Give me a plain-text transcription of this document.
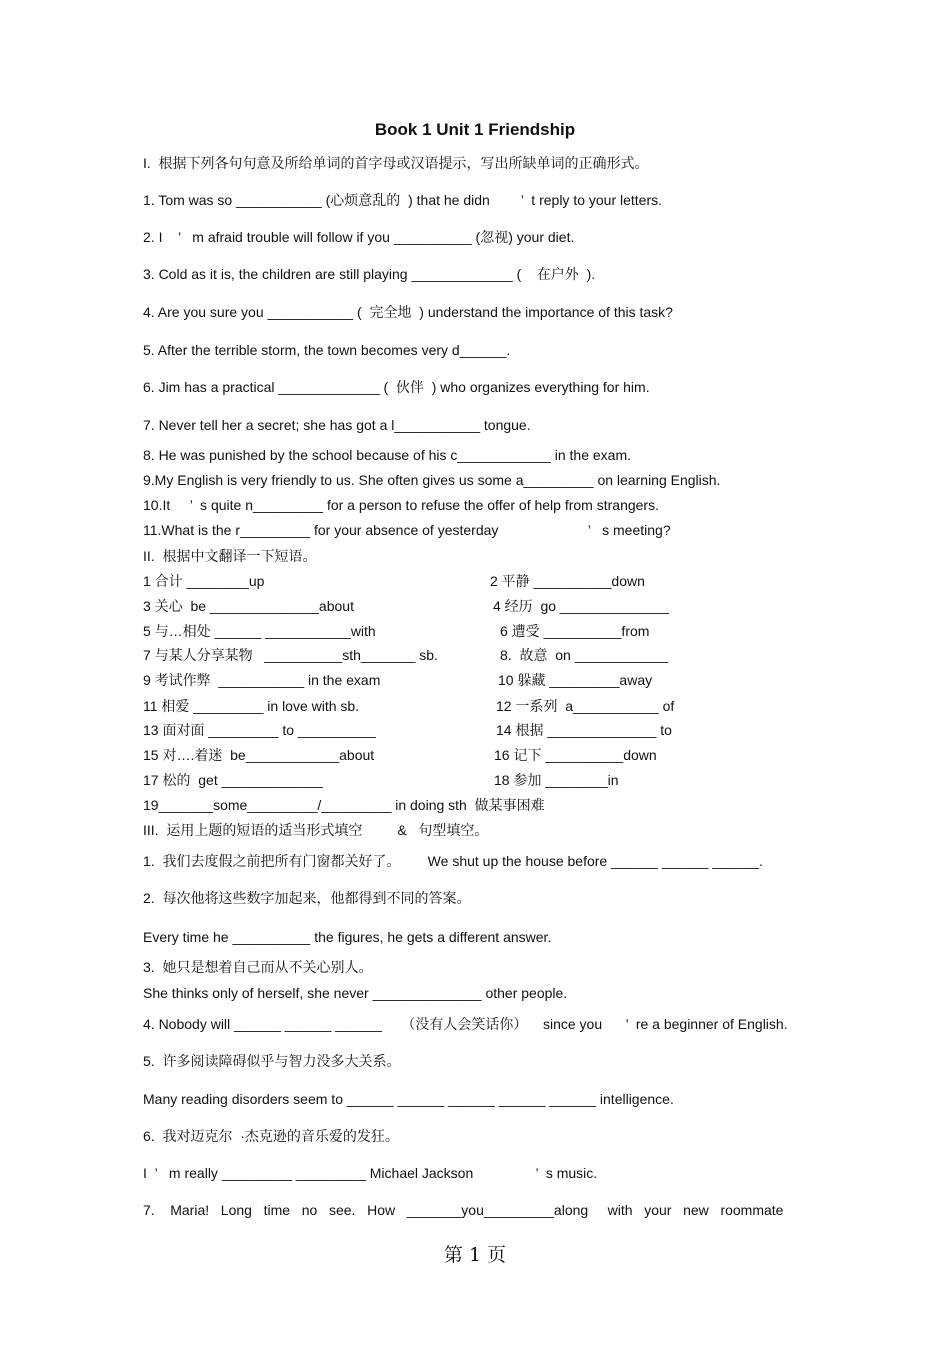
Book 1 Unit 1 Friendship
I.  根据下列各句句意及所给单词的首字母或汉语提示，写出所缺单词的正确形式。
1. Tom was so ___________ (心烦意乱的  ) that he didn        ’  t reply to your letters.
2. I    ’   m afraid trouble will follow if you __________ (忽视) your diet.
3. Cold as it is, the children are still playing _____________ (    在户外  ).
4. Are you sure you ___________ (  完全地  ) understand the importance of this task?
5. After the terrible storm, the town becomes very d______.
6. Jim has a practical _____________ (  伙伴  ) who organizes everything for him.
7. Never tell her a secret; she has got a l___________ tongue.
8. He was punished by the school because of his c____________ in the exam.
9.My English is very friendly to us. She often gives us some a_________ on learning English.
10.It     ’  s quite n_________ for a person to refuse the offer of help from strangers.
11.What is the r_________ for your absence of yesterday                       ’   s meeting?
II.  根据中文翻译一下短语。
1 合计 ________up
3 关心  be ______________about
5 与…相处 ______ ___________with
7 与某人分享某物   __________sth_______ sb.
9 考试作弊  ___________ in the exam
11 相爱 _________ in love with sb.
13 面对面 _________ to __________
15 对….着迷  be____________about
17 松的  get _____________
2 平静 __________down
4 经历  go ______________
6 遭受 __________from
8.  故意  on ____________
10 躲藏 _________away
12 一系列  a___________ of
14 根据 ______________ to
16 记下 __________down
18 参加 ________in
19_______some_________/_________ in doing sth  做某事困难
III.  运用上题的短语的适当形式填空         &   句型填空。
1.  我们去度假之前把所有门窗都关好了。       We shut up the house before ______ ______ ______.
2.  每次他将这些数字加起来，他都得到不同的答案。
Every time he __________ the figures, he gets a different answer.
3.  她只是想着自己而从不关心别人。
She thinks only of herself, she never ______________ other people.
4. Nobody will ______ ______ ______     （没有人会笑话你）    since you      ’  re a beginner of English.
5.  许多阅读障碍似乎与智力没多大关系。
Many reading disorders seem to ______ ______ ______ ______ ______ intelligence.
6.  我对迈克尔  ·杰克逊的音乐爱的发狂。
I  ’   m really _________ _________ Michael Jackson                ’  s music.
7.    Maria!   Long   time   no   see.   How   _______you_________along     with   your   new   roommate
第 1 页
